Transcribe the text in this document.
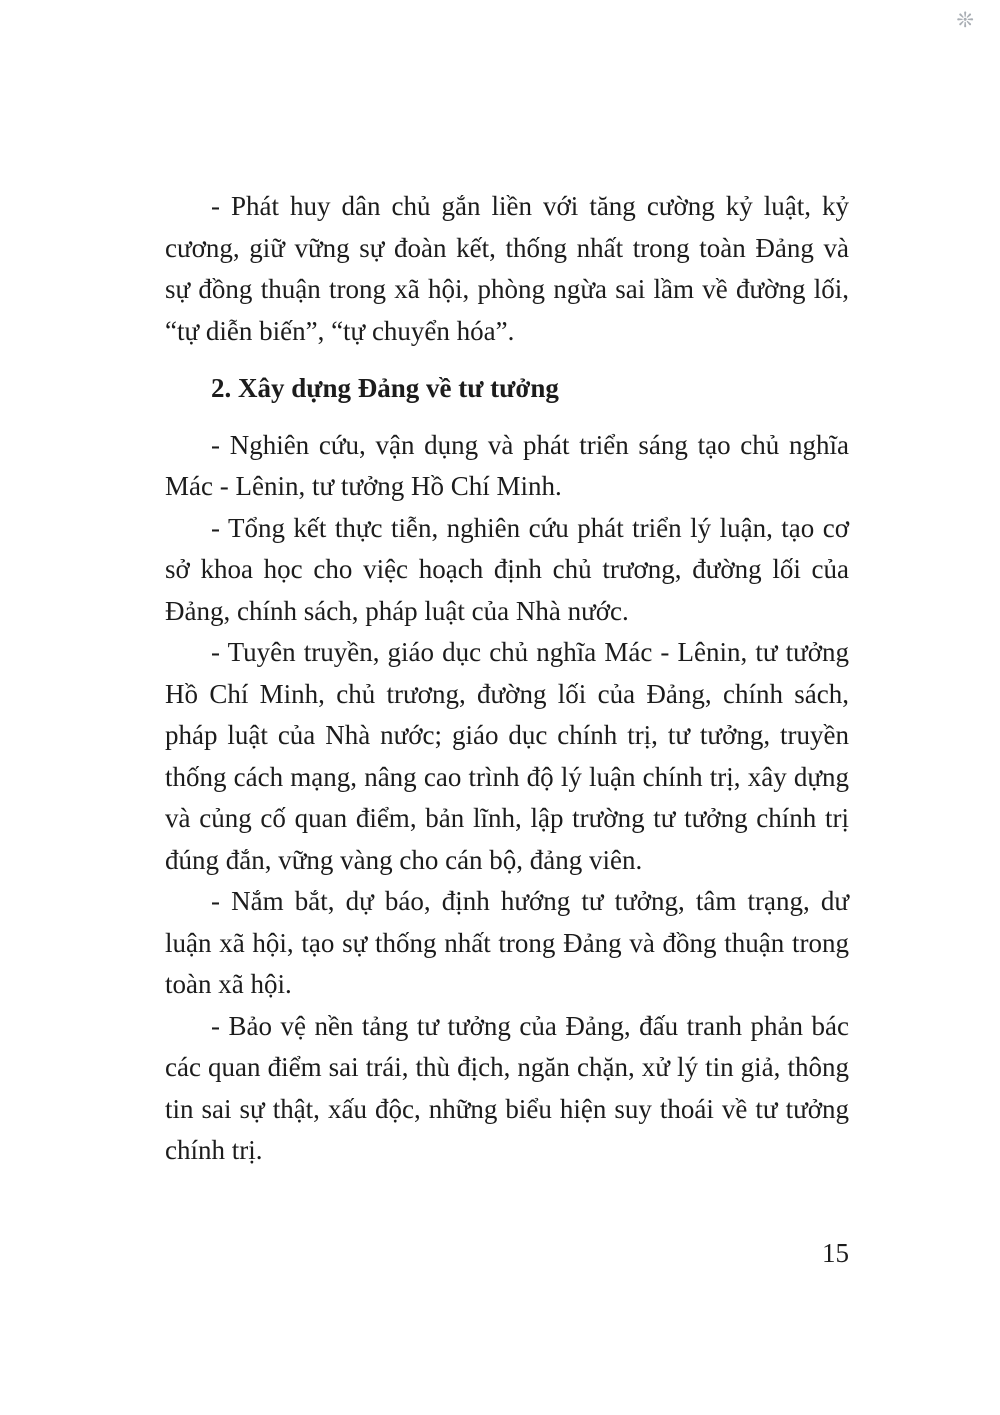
❊

- Phát huy dân chủ gắn liền với tăng cường kỷ luật, kỷ cương, giữ vững sự đoàn kết, thống nhất trong toàn Đảng và sự đồng thuận trong xã hội, phòng ngừa sai lầm về đường lối, “tự diễn biến”, “tự chuyển hóa”.

2. Xây dựng Đảng về tư tưởng

- Nghiên cứu, vận dụng và phát triển sáng tạo chủ nghĩa Mác - Lênin, tư tưởng Hồ Chí Minh.

- Tổng kết thực tiễn, nghiên cứu phát triển lý luận, tạo cơ sở khoa học cho việc hoạch định chủ trương, đường lối của Đảng, chính sách, pháp luật của Nhà nước.

- Tuyên truyền, giáo dục chủ nghĩa Mác - Lênin, tư tưởng Hồ Chí Minh, chủ trương, đường lối của Đảng, chính sách, pháp luật của Nhà nước; giáo dục chính trị, tư tưởng, truyền thống cách mạng, nâng cao trình độ lý luận chính trị, xây dựng và củng cố quan điểm, bản lĩnh, lập trường tư tưởng chính trị đúng đắn, vững vàng cho cán bộ, đảng viên.

- Nắm bắt, dự báo, định hướng tư tưởng, tâm trạng, dư luận xã hội, tạo sự thống nhất trong Đảng và đồng thuận trong toàn xã hội.

- Bảo vệ nền tảng tư tưởng của Đảng, đấu tranh phản bác các quan điểm sai trái, thù địch, ngăn chặn, xử lý tin giả, thông tin sai sự thật, xấu độc, những biểu hiện suy thoái về tư tưởng chính trị.

15
